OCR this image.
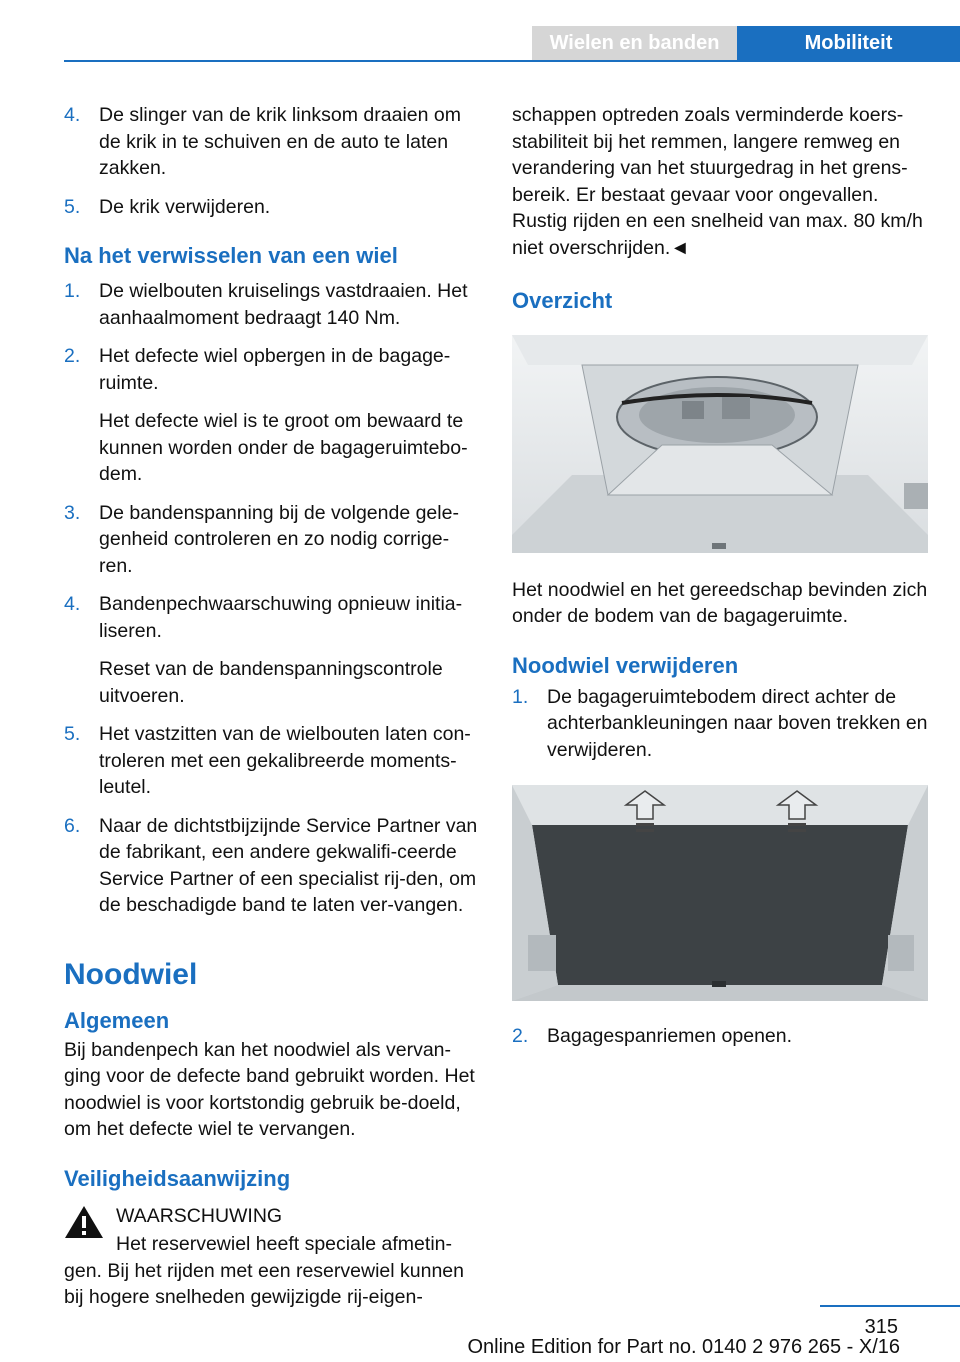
Wielen en banden	Mobiliteit
4. De slinger van de krik linksom draaien om de krik in te schuiven en de auto te laten zakken.
5. De krik verwijderen.
Na het verwisselen van een wiel
1. De wielbouten kruiselings vastdraaien. Het aanhaalmoment bedraagt 140 Nm.
2. Het defecte wiel opbergen in de bagage-ruimte.
Het defecte wiel is te groot om bewaard te kunnen worden onder de bagageruimtebo-dem.
3. De bandenspanning bij de volgende gele-genheid controleren en zo nodig corrige-ren.
4. Bandenpechwaarschuwing opnieuw initia-liseren.
Reset van de bandenspanningscontrole uitvoeren.
5. Het vastzitten van de wielbouten laten con-troleren met een gekalibreerde moments-leutel.
6. Naar de dichtstbijzijnde Service Partner van de fabrikant, een andere gekwalifi-ceerde Service Partner of een specialist rij-den, om de beschadigde band te laten ver-vangen.
Noodwiel
Algemeen
Bij bandenpech kan het noodwiel als vervan-ging voor de defecte band gebruikt worden. Het noodwiel is voor kortstondig gebruik be-doeld, om het defecte wiel te vervangen.
Veiligheidsaanwijzing
WAARSCHUWING
Het reservewiel heeft speciale afmetin-gen. Bij het rijden met een reservewiel kunnen bij hogere snelheden gewijzigde rij-eigen-
schappen optreden zoals verminderde koers-stabiliteit bij het remmen, langere remweg en verandering van het stuurgedrag in het grens-bereik. Er bestaat gevaar voor ongevallen. Rustig rijden en een snelheid van max. 80 km/h niet overschrijden.◄
Overzicht
Het noodwiel en het gereedschap bevinden zich onder de bodem van de bagageruimte.
Noodwiel verwijderen
1. De bagageruimtebodem direct achter de achterbankleuningen naar boven trekken en verwijderen.
2. Bagagespanriemen openen.
315
Online Edition for Part no. 0140 2 976 265 - X/16
